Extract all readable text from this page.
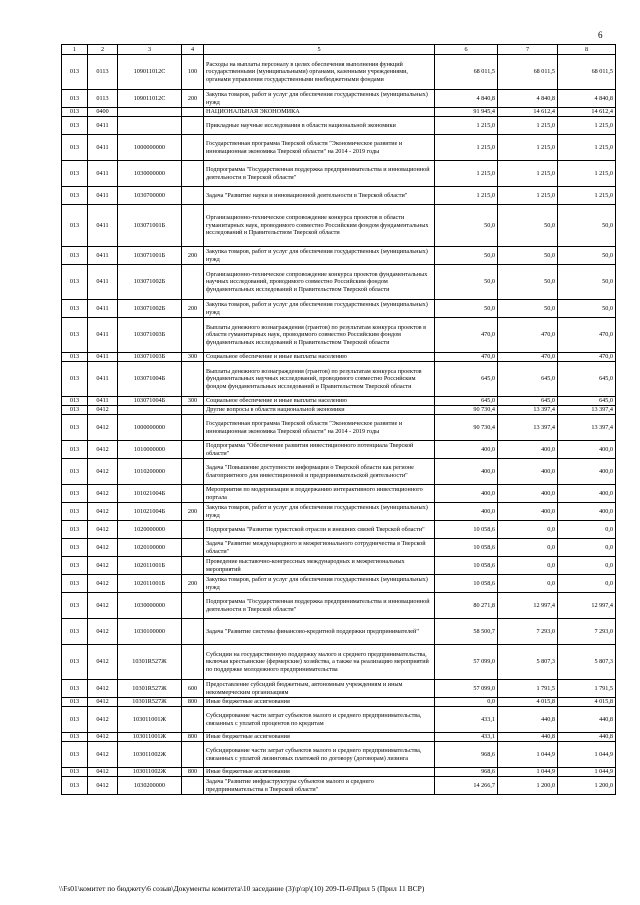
6
1	2	3	4	5	6	7	8
013	0113	109011012С	100	Расходы на выплаты персоналу в целях обеспечения выполнения функций государственными (муниципальными) органами, казенными учреждениями, органами управления государственными внебюджетными фондами	68 011,5	68 011,5	68 011,5
013	0113	109011012С	200	Закупка товаров, работ и услуг для обеспечения государственных (муниципальных) нужд	4 840,8	4 840,8	4 840,8
013	0400			НАЦИОНАЛЬНАЯ ЭКОНОМИКА	91 945,4	14 612,4	14 612,4
013	0411			Прикладные научные исследования в области национальной экономики	1 215,0	1 215,0	1 215,0
013	0411	1000000000		Государственная программа Тверской области "Экономическое развитие и инновационная экономика Тверской области" на 2014 - 2019 годы	1 215,0	1 215,0	1 215,0
013	0411	1030000000		Подпрограмма "Государственная поддержка предпринимательства и инновационной деятельности в Тверской области"	1 215,0	1 215,0	1 215,0
013	0411	1030700000		Задача "Развитие науки и инновационной деятельности в Тверской области"	1 215,0	1 215,0	1 215,0
013	0411	103071001Б		Организационно-техническое сопровождение конкурса проектов в области гуманитарных наук, проводимого совместно Российским фондом фундаментальных исследований и Правительством Тверской области	50,0	50,0	50,0
013	0411	103071001Б	200	Закупка товаров, работ и услуг для обеспечения государственных (муниципальных) нужд	50,0	50,0	50,0
013	0411	103071002Б		Организационно-техническое сопровождение конкурса проектов фундаментальных научных исследований, проводимого совместно Российским фондом фундаментальных исследований и Правительством Тверской области	50,0	50,0	50,0
013	0411	103071002Б	200	Закупка товаров, работ и услуг для обеспечения государственных (муниципальных) нужд	50,0	50,0	50,0
013	0411	103071003Б		Выплаты денежного вознаграждения (грантов) по результатам конкурса проектов в области гуманитарных наук, проводимого совместно Российским фондом фундаментальных исследований и Правительством Тверской области	470,0	470,0	470,0
013	0411	103071003Б	300	Социальное обеспечение и иные выплаты населению	470,0	470,0	470,0
013	0411	103071004Б		Выплаты денежного вознаграждения (грантов) по результатам конкурса проектов фундаментальных научных исследований, проводимого совместно Российским фондом фундаментальных исследований и Правительством Тверской области	645,0	645,0	645,0
013	0411	103071004Б	300	Социальное обеспечение и иные выплаты населению	645,0	645,0	645,0
013	0412			Другие вопросы в области национальной экономики	90 730,4	13 397,4	13 397,4
013	0412	1000000000		Государственная программа Тверской области "Экономическое развитие и инновационная экономика Тверской области" на 2014 - 2019 годы	90 730,4	13 397,4	13 397,4
013	0412	1010000000		Подпрограмма "Обеспечение развития инвестиционного потенциала Тверской области"	400,0	400,0	400,0
013	0412	1010200000		Задача "Повышение доступности информации о Тверской области как регионе благоприятного для инвестиционной и предпринимательской деятельности"	400,0	400,0	400,0
013	0412	101021004Б		Мероприятия по модернизации и поддержанию интерактивного инвестиционного портала	400,0	400,0	400,0
013	0412	101021004Б	200	Закупка товаров, работ и услуг для обеспечения государственных (муниципальных) нужд	400,0	400,0	400,0
013	0412	1020000000		Подпрограмма "Развитие туристской отрасли и внешних связей Тверской области"	10 058,6	0,0	0,0
013	0412	1020100000		Задача "Развитие международного и межрегионального сотрудничества в Тверской области"	10 058,6	0,0	0,0
013	0412	102011001Б		Проведение выставочно-конгрессных международных и межрегиональных мероприятий	10 058,6	0,0	0,0
013	0412	102011001Б	200	Закупка товаров, работ и услуг для обеспечения государственных (муниципальных) нужд	10 058,6	0,0	0,0
013	0412	1030000000		Подпрограмма "Государственная поддержка предпринимательства и инновационной деятельности в Тверской области"	80 271,8	12 997,4	12 997,4
013	0412	1030100000		Задача "Развитие системы финансово-кредитной поддержки предпринимателей"	58 500,7	7 293,0	7 293,0
013	0412	10301R527Ж		Субсидии на государственную поддержку малого и среднего предпринимательства, включая крестьянские (фермерские) хозяйства, а также на реализацию мероприятий по поддержке молодежного предпринимательства	57 099,0	5 807,3	5 807,3
013	0412	10301R527Ж	600	Предоставление субсидий бюджетным, автономным учреждениям и иным некоммерческим организациям	57 099,0	1 791,5	1 791,5
013	0412	10301R527Ж	800	Иные бюджетные ассигнования	0,0	4 015,8	4 015,8
013	0412	103011001Ж		Субсидирование части затрат субъектов малого и среднего предпринимательства, связанных с уплатой процентов по кредитам	433,1	440,8	440,8
013	0412	103011001Ж	800	Иные бюджетные ассигнования	433,1	440,8	440,8
013	0412	103011002Ж		Субсидирование части затрат субъектов малого и среднего предпринимательства, связанных с уплатой лизинговых платежей по договору (договорам) лизинга	968,6	1 044,9	1 044,9
013	0412	103011002Ж	800	Иные бюджетные ассигнования	968,6	1 044,9	1 044,9
013	0412	1030200000		Задача "Развитие инфраструктуры субъектов малого и среднего предпринимательства в Тверской области"	14 266,7	1 200,0	1 200,0
\\Fs01\комитет по бюджету\6 созыв\Документы комитета\10 заседание (3)\р\зр\(10) 209-П-6\Прил 5 (Прил 11 ВСР)
